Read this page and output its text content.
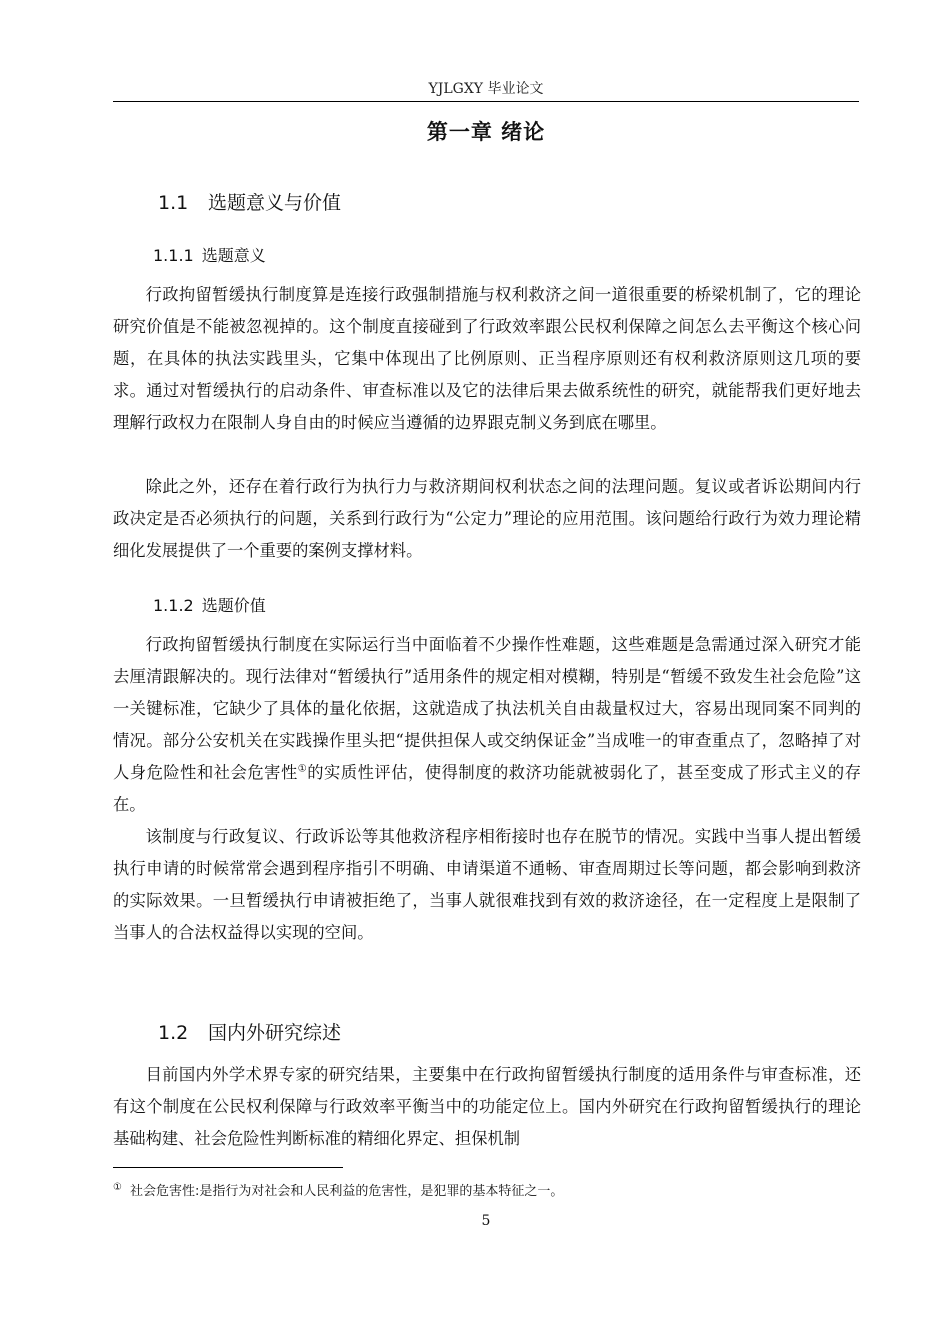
YJLGXY 毕业论文
第一章 绪论
1.1 选题意义与价值
1.1.1 选题意义

行政拘留暂缓执行制度算是连接行政强制措施与权利救济之间一道很重要的桥梁机制了，它的理论研究价值是不能被忽视掉的。这个制度直接碰到了行政效率跟公民权利保障之间怎么去平衡这个核心问题，在具体的执法实践里头，它集中体现出了比例原则、正当程序原则还有权利救济原则这几项的要求。通过对暂缓执行的启动条件、审查标准以及它的法律后果去做系统性的研究，就能帮我们更好地去理解行政权力在限制人身自由的时候应当遵循的边界跟克制义务到底在哪里。

除此之外，还存在着行政行为执行力与救济期间权利状态之间的法理问题。复议或者诉讼期间内行政决定是否必须执行的问题，关系到行政行为“公定力”理论的应用范围。该问题给行政行为效力理论精细化发展提供了一个重要的案例支撑材料。

1.1.2 选题价值

行政拘留暂缓执行制度在实际运行当中面临着不少操作性难题，这些难题是急需通过深入研究才能去厘清跟解决的。现行法律对“暂缓执行”适用条件的规定相对模糊，特别是“暂缓不致发生社会危险”这一关键标准，它缺少了具体的量化依据，这就造成了执法机关自由裁量权过大，容易出现同案不同判的情况。部分公安机关在实践操作里头把“提供担保人或交纳保证金”当成唯一的审查重点了，忽略掉了对人身危险性和社会危害性①的实质性评估，使得制度的救济功能就被弱化了，甚至变成了形式主义的存在。

该制度与行政复议、行政诉讼等其他救济程序相衔接时也存在脱节的情况。实践中当事人提出暂缓执行申请的时候常常会遇到程序指引不明确、申请渠道不通畅、审查周期过长等问题，都会影响到救济的实际效果。一旦暂缓执行申请被拒绝了，当事人就很难找到有效的救济途径，在一定程度上是限制了当事人的合法权益得以实现的空间。

1.2 国内外研究综述

目前国内外学术界专家的研究结果，主要集中在行政拘留暂缓执行制度的适用条件与审查标准，还有这个制度在公民权利保障与行政效率平衡当中的功能定位上。国内外研究在行政拘留暂缓执行的理论基础构建、社会危险性判断标准的精细化界定、担保机制

① 社会危害性:是指行为对社会和人民利益的危害性，是犯罪的基本特征之一。
5
